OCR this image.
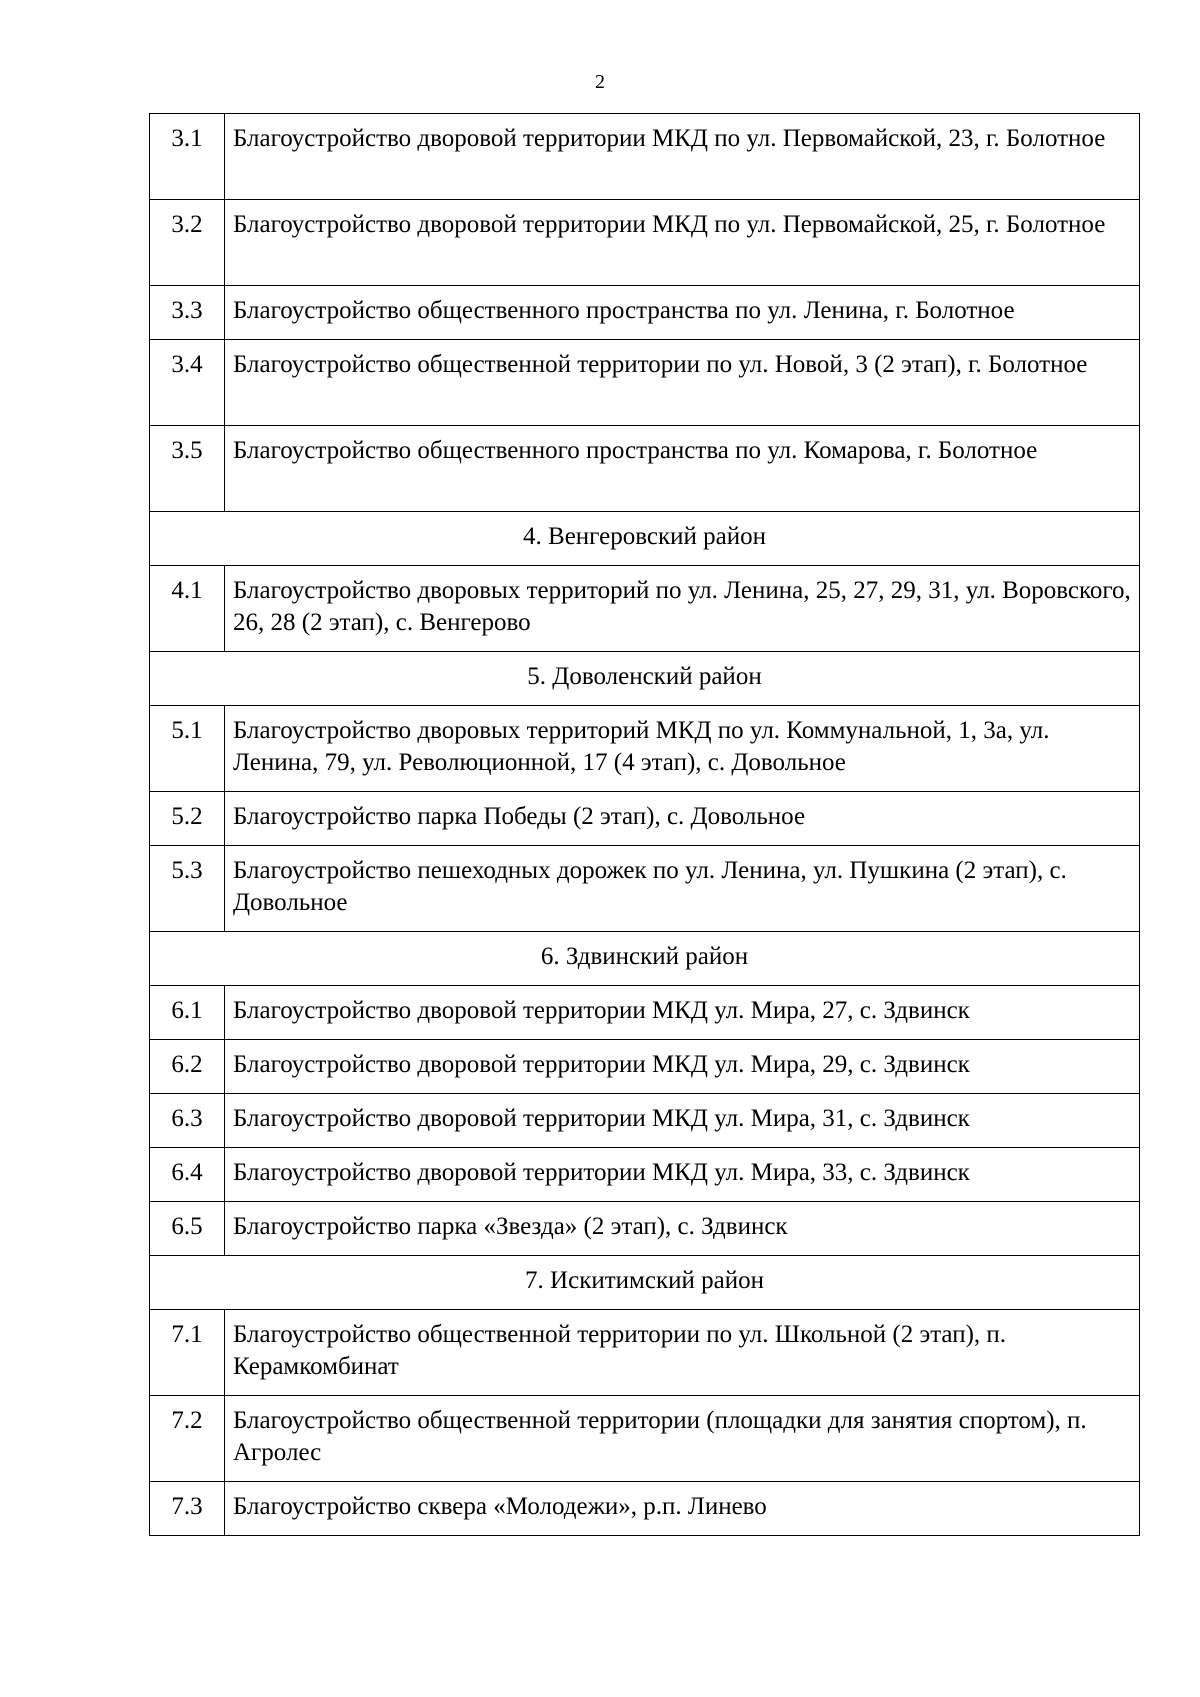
2
3.1	Благоустройство дворовой территории МКД по ул. Первомайской, 23, г. Болотное
3.2	Благоустройство дворовой территории МКД по ул. Первомайской, 25, г. Болотное
3.3	Благоустройство общественного пространства по ул. Ленина, г. Болотное
3.4	Благоустройство общественной территории по ул. Новой, 3 (2 этап), г. Болотное
3.5	Благоустройство общественного пространства по ул. Комарова, г. Болотное
4. Венгеровский район	
4.1	Благоустройство дворовых территорий по ул. Ленина, 25, 27, 29, 31, ул. Воровского, 26, 28 (2 этап), с. Венгерово
5. Доволенский район	
5.1	Благоустройство дворовых территорий МКД по ул. Коммунальной, 1, 3а, ул. Ленина, 79, ул. Революционной, 17 (4 этап), с. Довольное
5.2	Благоустройство парка Победы (2 этап), с. Довольное
5.3	Благоустройство пешеходных дорожек по ул. Ленина, ул. Пушкина (2 этап), с. Довольное
6. Здвинский район	
6.1	Благоустройство дворовой территории МКД ул. Мира, 27, с. Здвинск
6.2	Благоустройство дворовой территории МКД ул. Мира, 29, с. Здвинск
6.3	Благоустройство дворовой территории МКД ул. Мира, 31, с. Здвинск
6.4	Благоустройство дворовой территории МКД ул. Мира, 33, с. Здвинск
6.5	Благоустройство парка «Звезда» (2 этап), с. Здвинск
7. Искитимский район	
7.1	Благоустройство общественной территории по ул. Школьной (2 этап), п. Керамкомбинат
7.2	Благоустройство общественной территории (площадки для занятия спортом), п. Агролес
7.3	Благоустройство сквера «Молодежи», р.п. Линево
